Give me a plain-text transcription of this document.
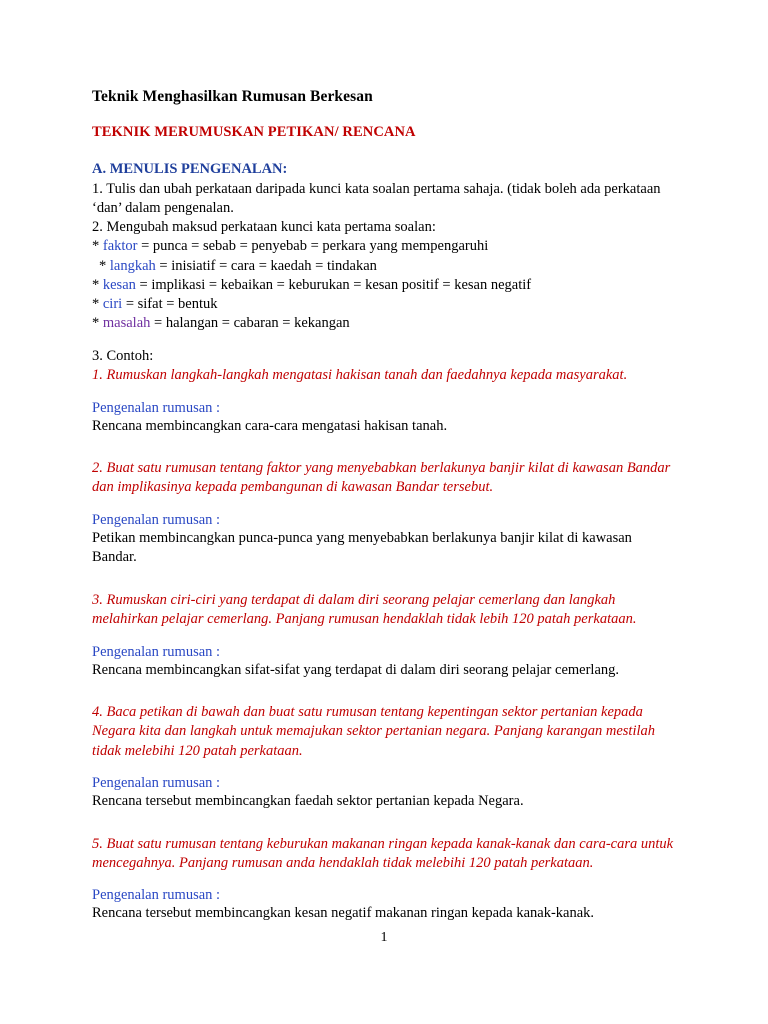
Teknik Menghasilkan Rumusan Berkesan
TEKNIK MERUMUSKAN PETIKAN/ RENCANA
A. MENULIS PENGENALAN:

1. Tulis dan ubah perkataan daripada kunci kata soalan pertama sahaja. (tidak boleh ada perkataan ‘dan’ dalam pengenalan.

2. Mengubah maksud perkataan kunci kata pertama soalan:

* faktor = punca = sebab = penyebab = perkara yang mempengaruhi

* langkah = inisiatif = cara = kaedah = tindakan

* kesan = implikasi = kebaikan = keburukan = kesan positif = kesan negatif

* ciri = sifat = bentuk

* masalah = halangan = cabaran = kekangan

3. Contoh:

1. Rumuskan langkah-langkah mengatasi hakisan tanah dan faedahnya kepada masyarakat.

Pengenalan rumusan :

Rencana membincangkan cara-cara mengatasi hakisan tanah.

2. Buat satu rumusan tentang faktor yang menyebabkan berlakunya banjir kilat di kawasan Bandar dan implikasinya kepada pembangunan di kawasan Bandar tersebut.

Pengenalan rumusan :

Petikan membincangkan punca-punca yang menyebabkan berlakunya banjir kilat di kawasan Bandar.

3. Rumuskan ciri-ciri yang terdapat di dalam diri seorang pelajar cemerlang dan langkah melahirkan pelajar cemerlang. Panjang rumusan hendaklah tidak lebih 120 patah perkataan.

Pengenalan rumusan :

Rencana membincangkan sifat-sifat yang terdapat di dalam diri seorang pelajar cemerlang.

4. Baca petikan di bawah dan buat satu rumusan tentang kepentingan sektor pertanian kepada Negara kita dan langkah untuk memajukan sektor pertanian negara. Panjang karangan mestilah tidak melebihi 120 patah perkataan.

Pengenalan rumusan :

Rencana tersebut membincangkan faedah sektor pertanian kepada Negara.

5. Buat satu rumusan tentang keburukan makanan ringan kepada kanak-kanak dan cara-cara untuk mencegahnya. Panjang rumusan anda hendaklah tidak melebihi 120 patah perkataan.

Pengenalan rumusan :

Rencana tersebut membincangkan kesan negatif makanan ringan kepada kanak-kanak.

1
